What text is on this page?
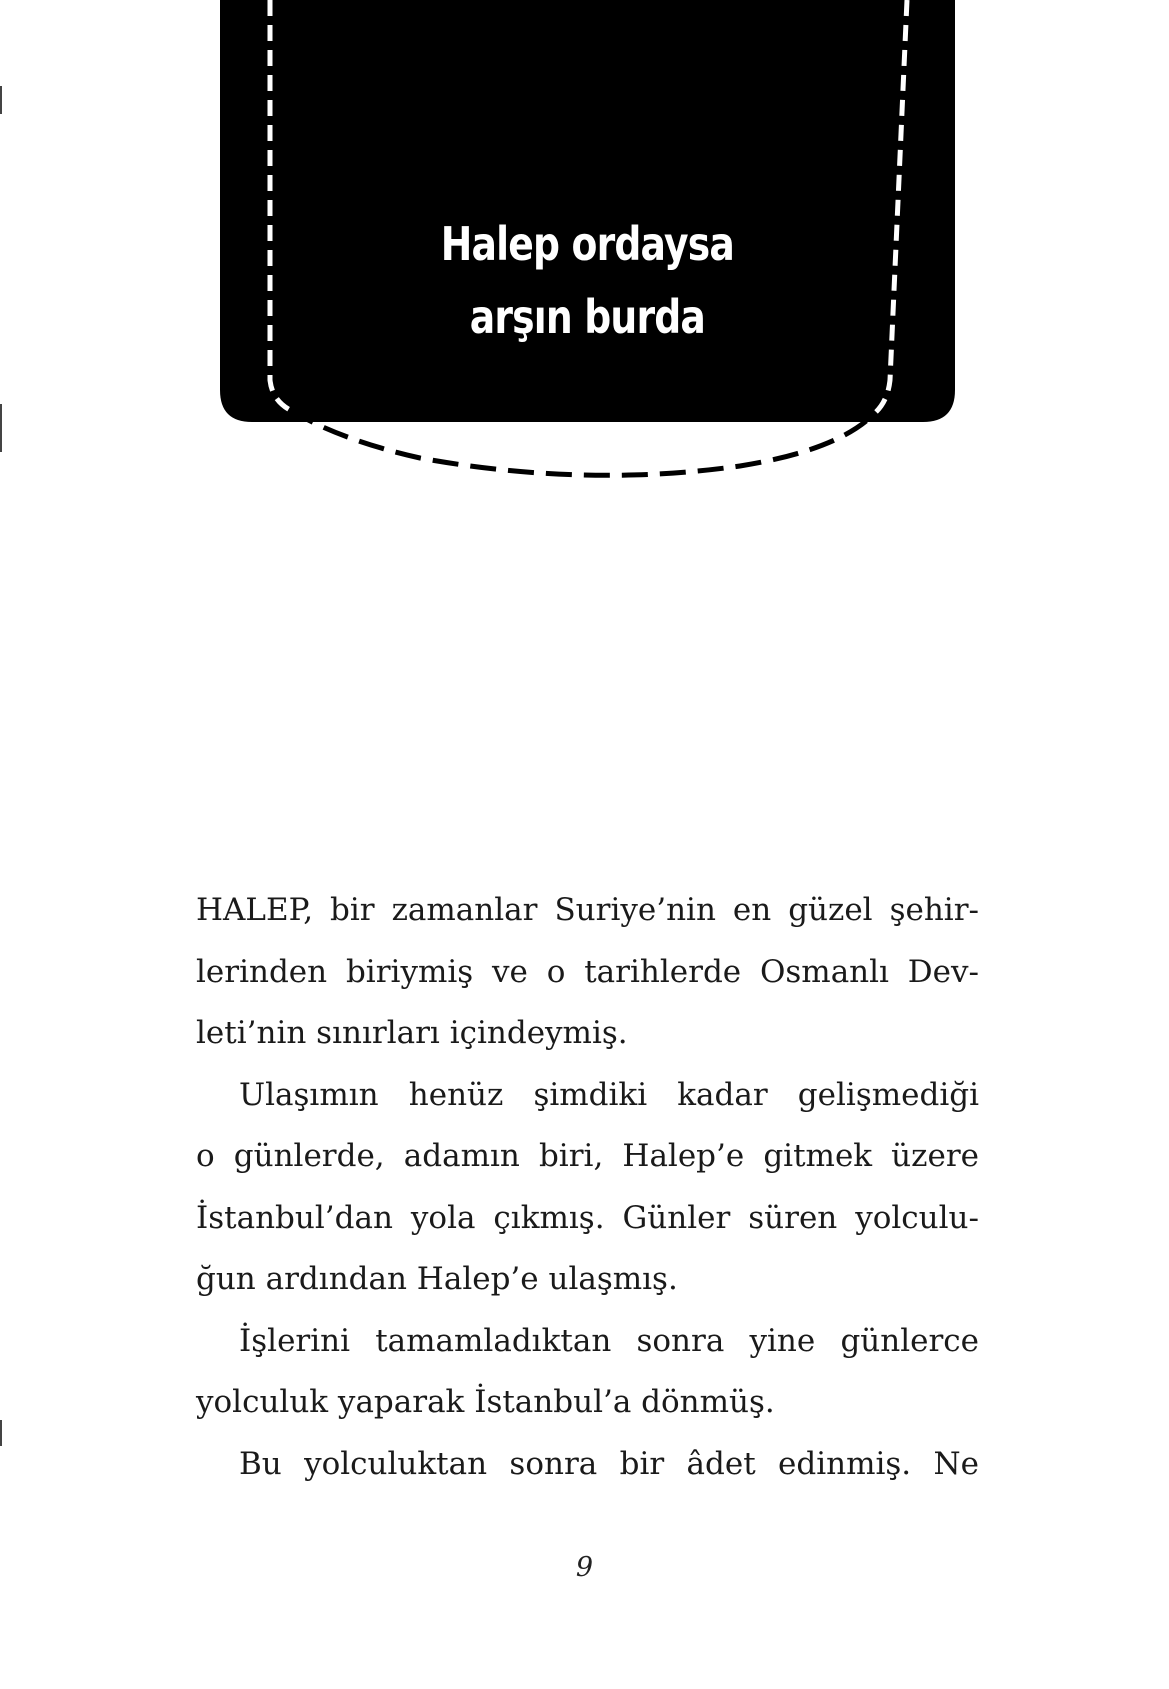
Halep ordaysa
arşın burda
HALEP, bir zamanlar Suriye’nin en güzel şehir-
lerinden biriymiş ve o tarihlerde Osmanlı Dev-
leti’nin sınırları içindeymiş.
Ulaşımın henüz şimdiki kadar gelişmediği
o günlerde, adamın biri, Halep’e gitmek üzere
İstanbul’dan yola çıkmış. Günler süren yolculu-
ğun ardından Halep’e ulaşmış.
İşlerini tamamladıktan sonra yine günlerce
yolculuk yaparak İstanbul’a dönmüş.
Bu yolculuktan sonra bir âdet edinmiş. Ne
9
